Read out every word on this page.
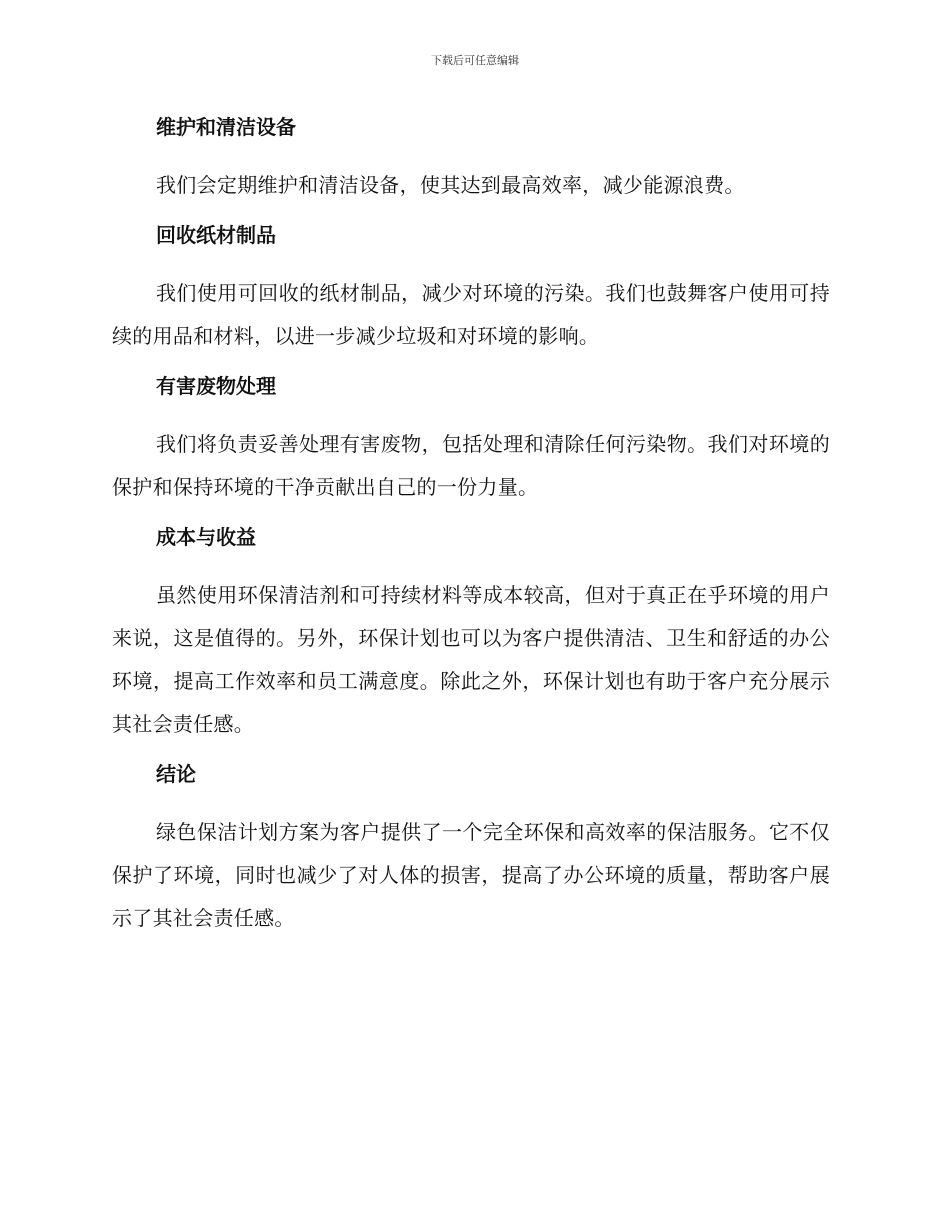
下载后可任意编辑
维护和清洁设备

我们会定期维护和清洁设备，使其达到最高效率，减少能源浪费。

回收纸材制品

我们使用可回收的纸材制品，减少对环境的污染。我们也鼓舞客户使用可持续的用品和材料，以进一步减少垃圾和对环境的影响。

有害废物处理

我们将负责妥善处理有害废物，包括处理和清除任何污染物。我们对环境的保护和保持环境的干净贡献出自己的一份力量。

成本与收益

虽然使用环保清洁剂和可持续材料等成本较高，但对于真正在乎环境的用户来说，这是值得的。另外，环保计划也可以为客户提供清洁、卫生和舒适的办公环境，提高工作效率和员工满意度。除此之外，环保计划也有助于客户充分展示其社会责任感。

结论

绿色保洁计划方案为客户提供了一个完全环保和高效率的保洁服务。它不仅保护了环境，同时也减少了对人体的损害，提高了办公环境的质量，帮助客户展示了其社会责任感。
